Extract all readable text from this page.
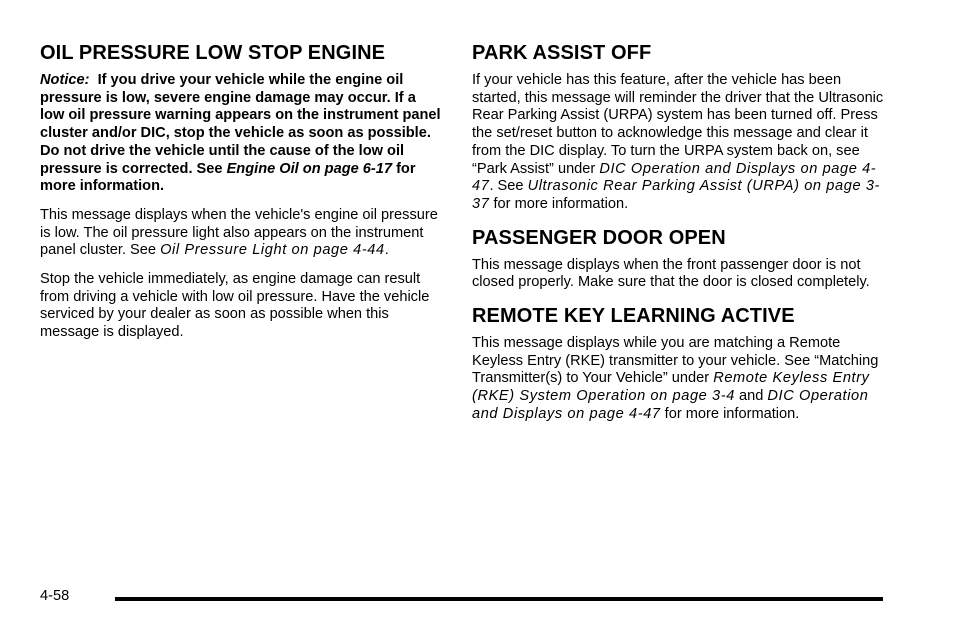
OIL PRESSURE LOW STOP ENGINE

Notice: If you drive your vehicle while the engine oil pressure is low, severe engine damage may occur. If a low oil pressure warning appears on the instrument panel cluster and/or DIC, stop the vehicle as soon as possible. Do not drive the vehicle until the cause of the low oil pressure is corrected. See Engine Oil on page 6-17 for more information.

This message displays when the vehicle's engine oil pressure is low. The oil pressure light also appears on the instrument panel cluster. See Oil Pressure Light on page 4-44.

Stop the vehicle immediately, as engine damage can result from driving a vehicle with low oil pressure. Have the vehicle serviced by your dealer as soon as possible when this message is displayed.

PARK ASSIST OFF

If your vehicle has this feature, after the vehicle has been started, this message will reminder the driver that the Ultrasonic Rear Parking Assist (URPA) system has been turned off. Press the set/reset button to acknowledge this message and clear it from the DIC display. To turn the URPA system back on, see “Park Assist” under DIC Operation and Displays on page 4-47. See Ultrasonic Rear Parking Assist (URPA) on page 3-37 for more information.

PASSENGER DOOR OPEN

This message displays when the front passenger door is not closed properly. Make sure that the door is closed completely.

REMOTE KEY LEARNING ACTIVE

This message displays while you are matching a Remote Keyless Entry (RKE) transmitter to your vehicle. See “Matching Transmitter(s) to Your Vehicle” under Remote Keyless Entry (RKE) System Operation on page 3-4 and DIC Operation and Displays on page 4-47 for more information.

4-58
